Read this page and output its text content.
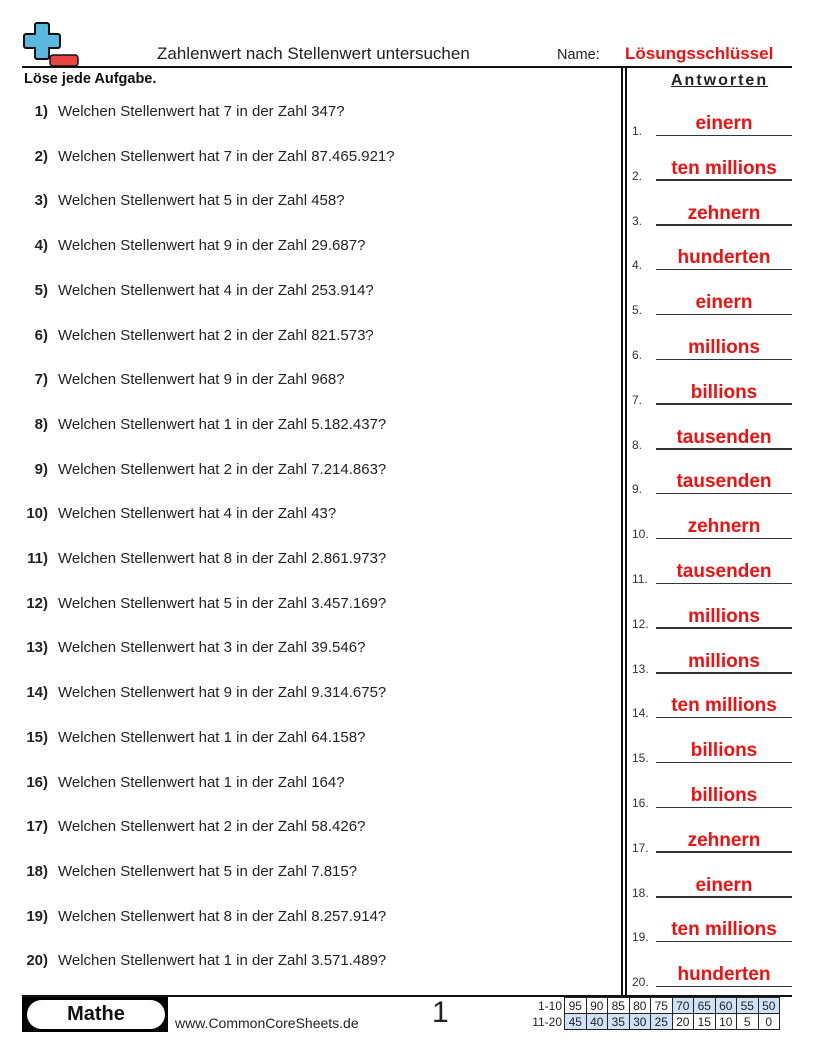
Zahlenwert nach Stellenwert untersuchen	Name: Lösungsschlüssel
Löse jede Aufgabe.	Antworten
1) Welchen Stellenwert hat 7 in der Zahl 347?
2) Welchen Stellenwert hat 7 in der Zahl 87.465.921?
3) Welchen Stellenwert hat 5 in der Zahl 458?
4) Welchen Stellenwert hat 9 in der Zahl 29.687?
5) Welchen Stellenwert hat 4 in der Zahl 253.914?
6) Welchen Stellenwert hat 2 in der Zahl 821.573?
7) Welchen Stellenwert hat 9 in der Zahl 968?
8) Welchen Stellenwert hat 1 in der Zahl 5.182.437?
9) Welchen Stellenwert hat 2 in der Zahl 7.214.863?
10) Welchen Stellenwert hat 4 in der Zahl 43?
11) Welchen Stellenwert hat 8 in der Zahl 2.861.973?
12) Welchen Stellenwert hat 5 in der Zahl 3.457.169?
13) Welchen Stellenwert hat 3 in der Zahl 39.546?
14) Welchen Stellenwert hat 9 in der Zahl 9.314.675?
15) Welchen Stellenwert hat 1 in der Zahl 64.158?
16) Welchen Stellenwert hat 1 in der Zahl 164?
17) Welchen Stellenwert hat 2 in der Zahl 58.426?
18) Welchen Stellenwert hat 5 in der Zahl 7.815?
19) Welchen Stellenwert hat 8 in der Zahl 8.257.914?
20) Welchen Stellenwert hat 1 in der Zahl 3.571.489?
1.	einern
2.	ten millions
3.	zehnern
4.	hunderten
5.	einern
6.	millions
7.	billions
8.	tausenden
9.	tausenden
10.	zehnern
11.	tausenden
12.	millions
13.	millions
14.	ten millions
15.	billions
16.	billions
17.	zehnern
18.	einern
19.	ten millions
20.	hunderten
Mathe	www.CommonCoreSheets.de 1	1-10	95	90	85	80	75	70	65	60	55	50
11-20	45	40	35	30	25	20	15	10	5	0
